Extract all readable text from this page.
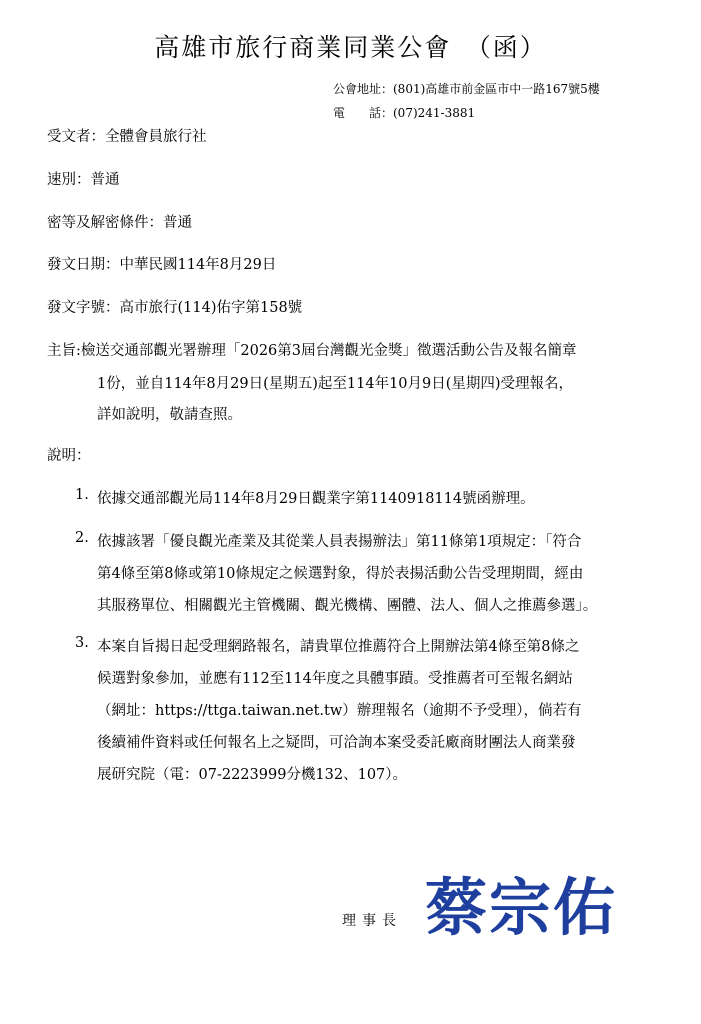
高雄市旅行商業同業公會　（函）
公會地址：(801)高雄市前金區市中一路167號5樓
電　　話：(07)241-3881
受文者：全體會員旅行社
速別：普通
密等及解密條件：普通
發文日期：中華民國114年8月29日
發文字號：高市旅行(114)佑字第158號
主旨:檢送交通部觀光署辦理「2026第3屆台灣觀光金獎」徵選活動公告及報名簡章
1份，並自114年8月29日(星期五)起至114年10月9日(星期四)受理報名，
詳如說明，敬請查照。
說明：
1. 依據交通部觀光局114年8月29日觀業字第1140918114號函辦理。
2. 依據該署「優良觀光產業及其從業人員表揚辦法」第11條第1項規定：「符合
第4條至第8條或第10條規定之候選對象，得於表揚活動公告受理期間，經由
其服務單位、相關觀光主管機關、觀光機構、團體、法人、個人之推薦參選」。
3. 本案自旨揭日起受理網路報名，請貴單位推薦符合上開辦法第4條至第8條之
候選對象參加，並應有112至114年度之具體事蹟。受推薦者可至報名網站
（網址：https://ttga.taiwan.net.tw）辦理報名（逾期不予受理），倘若有
後續補件資料或任何報名上之疑問，可洽詢本案受委託廠商財團法人商業發
展研究院（電：07-2223999分機132、107）。
理事長 蔡宗佑
